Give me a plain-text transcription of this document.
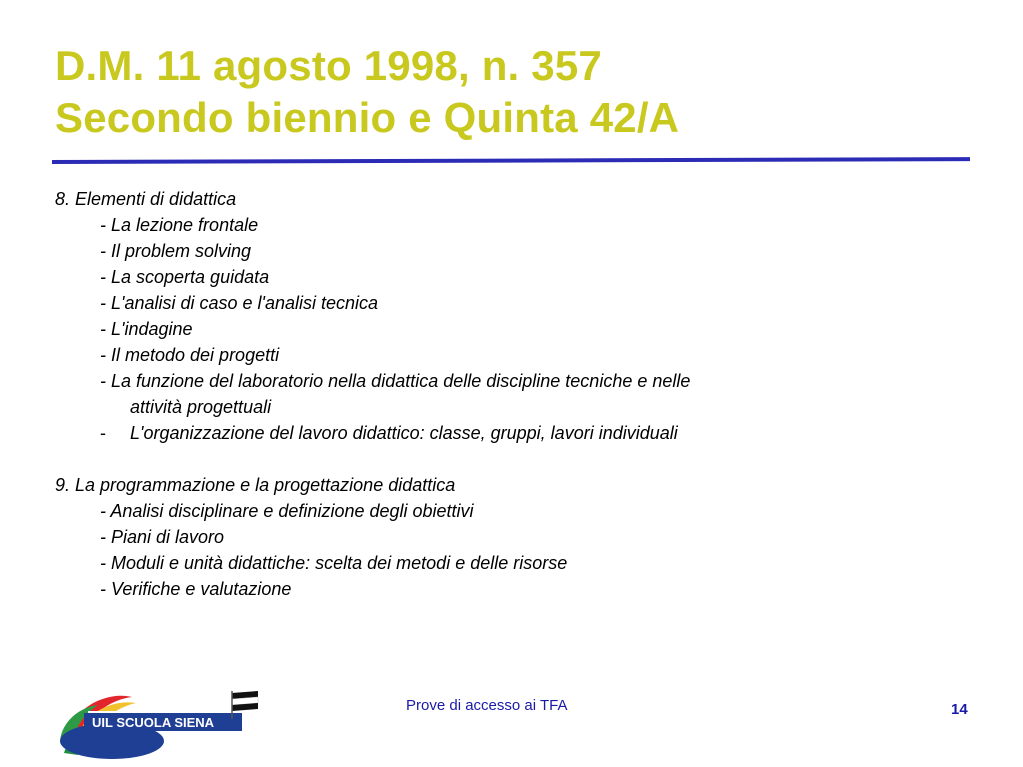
D.M. 11 agosto 1998, n. 357
Secondo biennio e Quinta 42/A

8. Elementi di didattica

- La lezione frontale

- Il problem solving

- La scoperta guidata

- L'analisi di caso e l'analisi tecnica

- L'indagine

- Il metodo dei progetti

- La funzione del laboratorio nella didattica delle discipline tecniche e nelle

attività progettuali

-	L'organizzazione del lavoro didattico: classe, gruppi, lavori individuali

9. La programmazione e la progettazione didattica

- Analisi disciplinare e definizione degli obiettivi

- Piani di lavoro

- Moduli e unità didattiche: scelta dei metodi e delle risorse

- Verifiche e valutazione

UIL SCUOLA SIENA
Prove di accesso ai TFA	14
